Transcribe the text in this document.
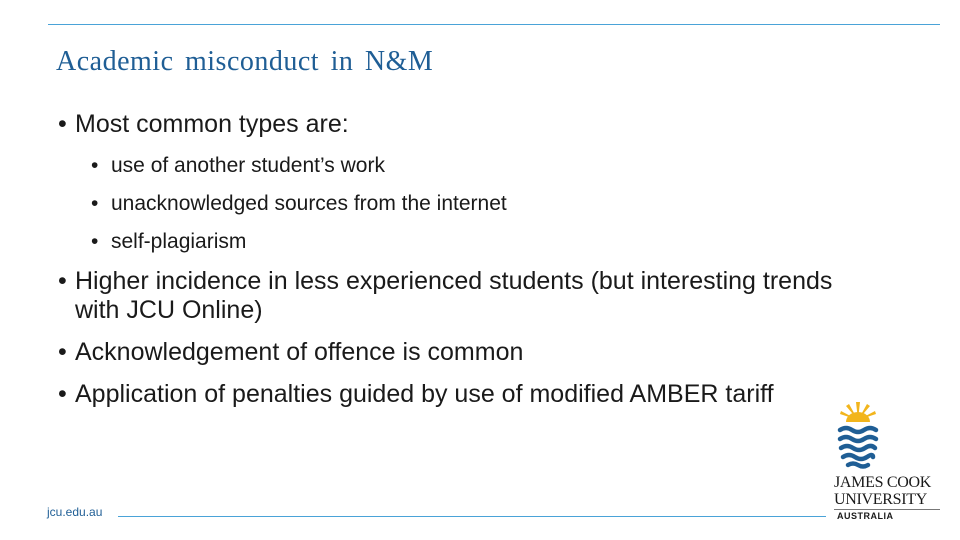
Academic misconduct in N&M
• Most common types are:
• use of another student’s work
• unacknowledged sources from the internet
• self-plagiarism
• Higher incidence in less experienced students (but interesting trends with JCU Online)
• Acknowledgement of offence is common
• Application of penalties guided by use of modified AMBER tariff
jcu.edu.au
JAMES COOK
UNIVERSITY
AUSTRALIA
